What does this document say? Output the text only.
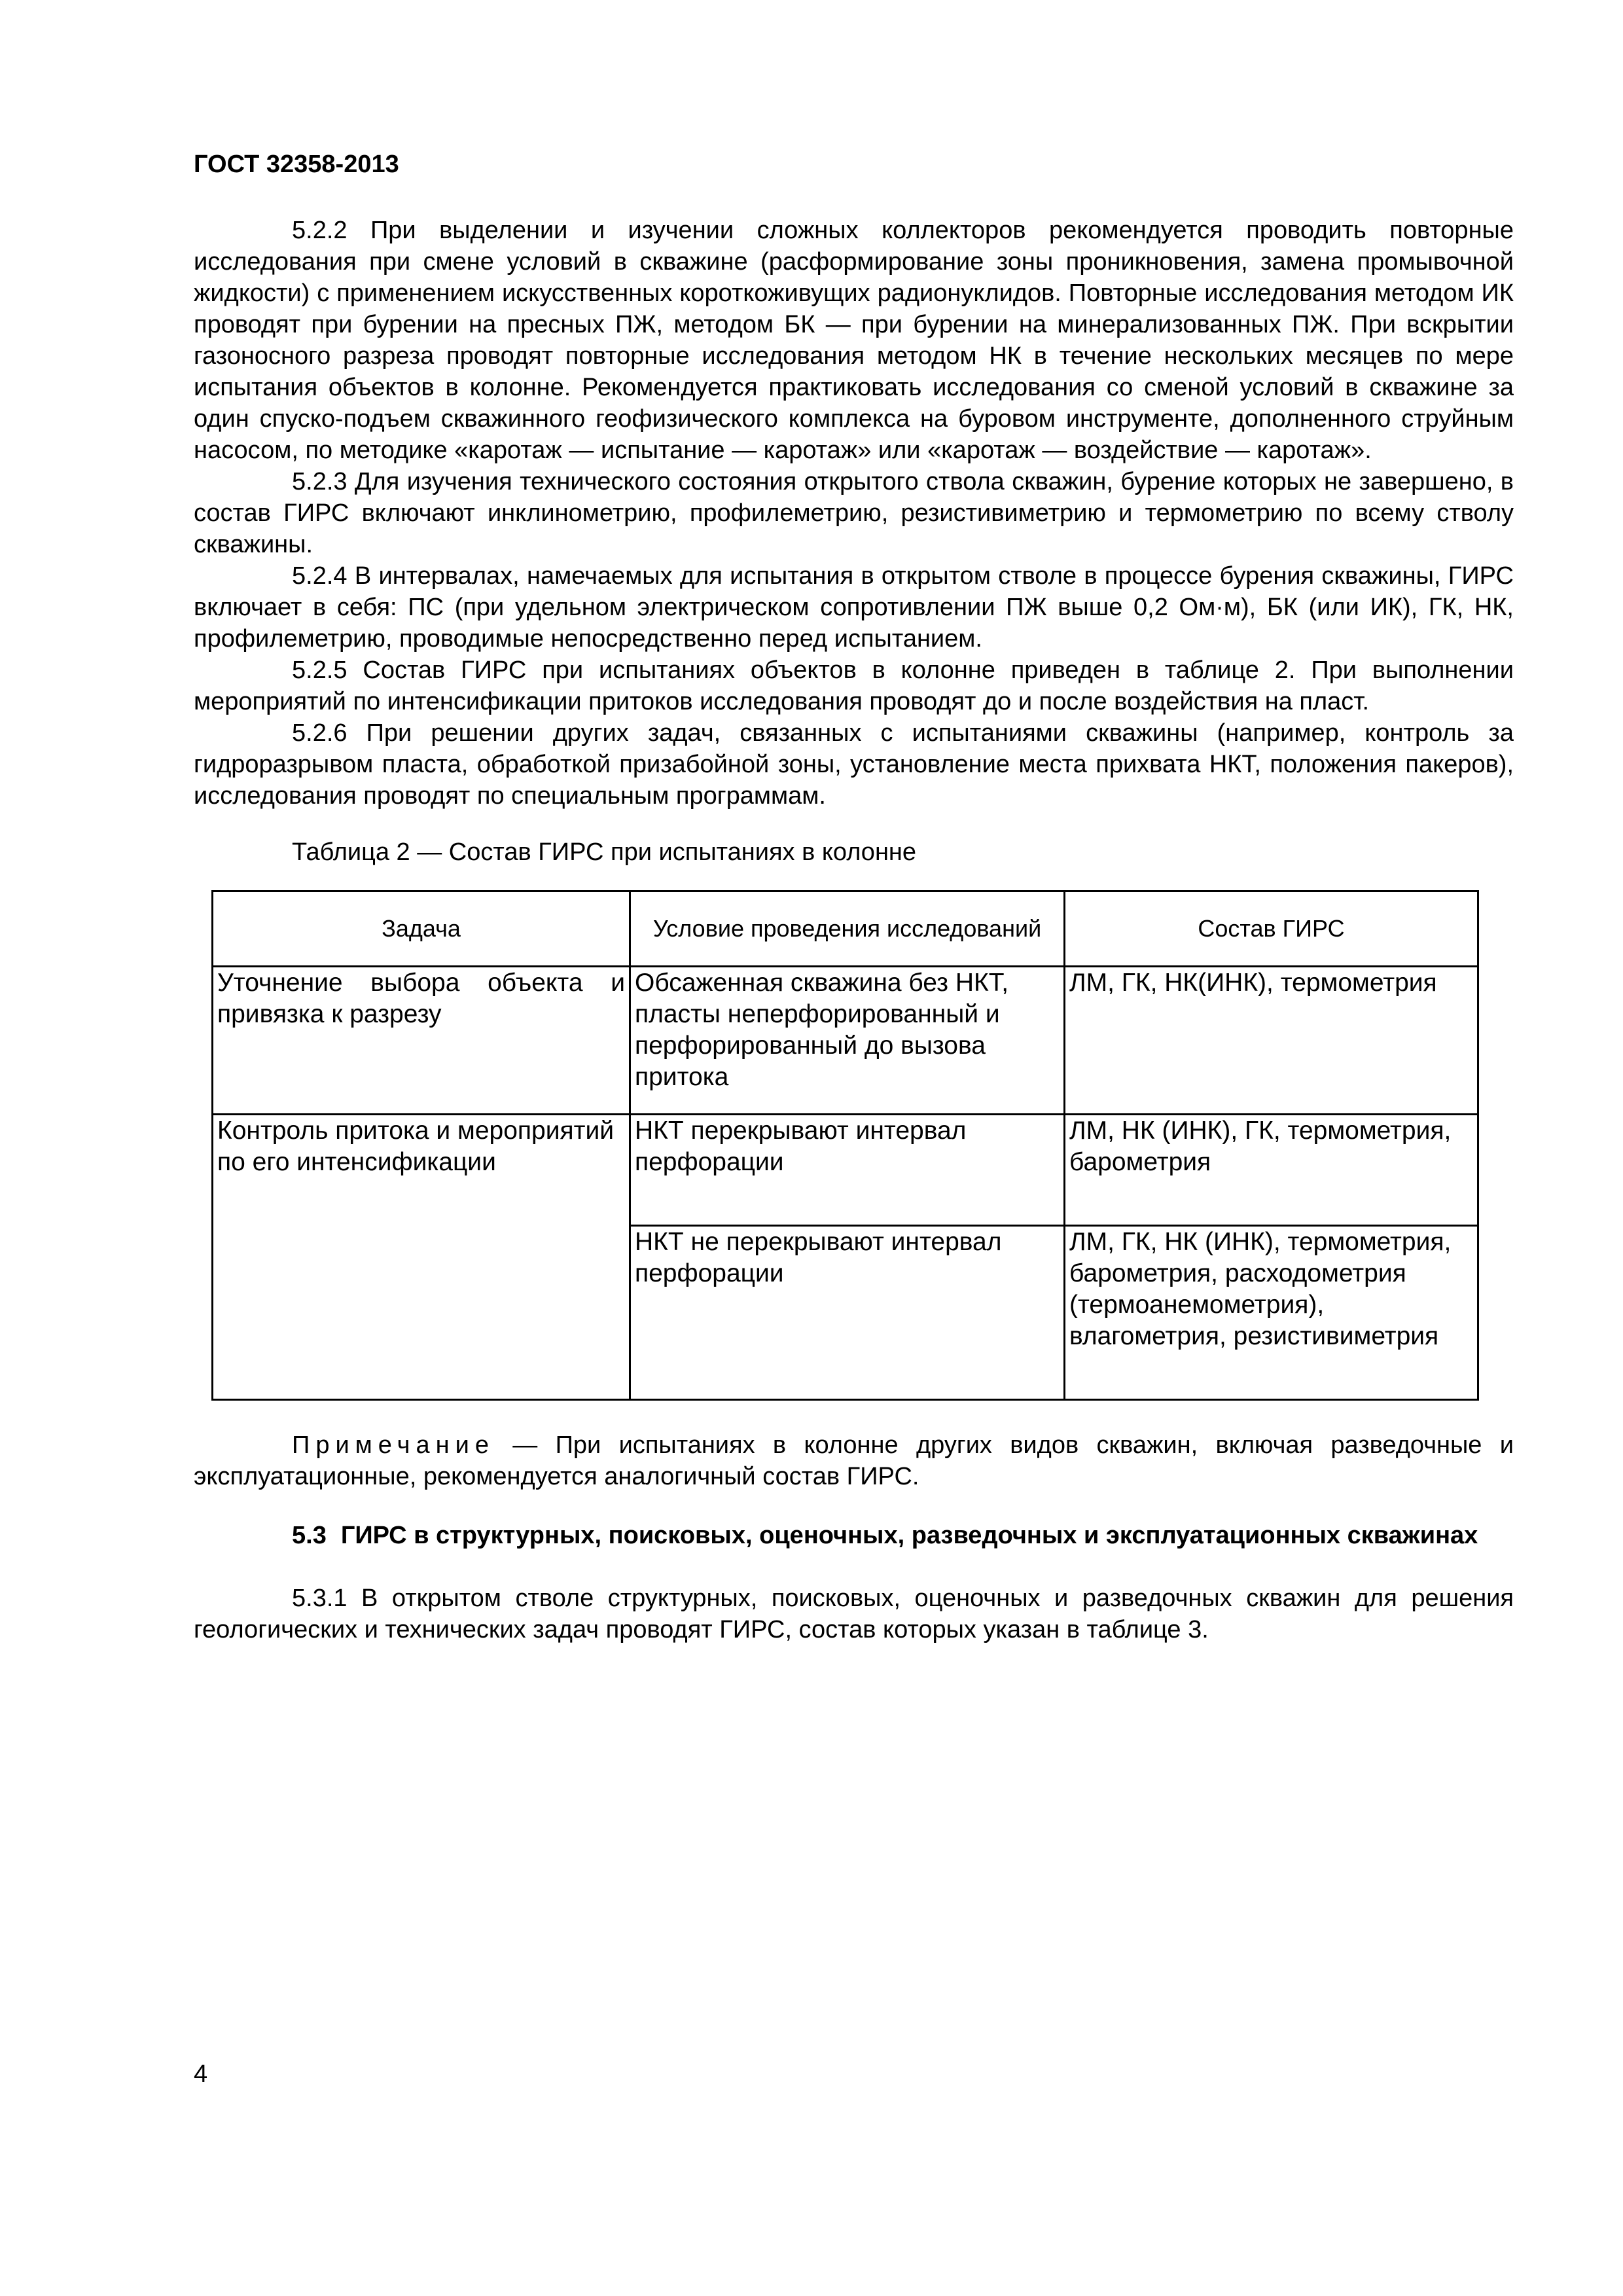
ГОСТ 32358-2013

5.2.2 При выделении и изучении сложных коллекторов рекомендуется проводить повторные исследования при смене условий в скважине (расформирование зоны проникновения, замена промывочной жидкости) с применением искусственных короткоживущих радионуклидов. Повторные исследования методом ИК проводят при бурении на пресных ПЖ, методом БК — при бурении на минерализованных ПЖ. При вскрытии газоносного разреза проводят повторные исследования методом НК в течение нескольких месяцев по мере испытания объектов в колонне. Рекомендуется практиковать исследования со сменой условий в скважине за один спуско-подъем скважинного геофизического комплекса на буровом инструменте, дополненного струйным насосом, по методике «каротаж — испытание — каротаж» или «каротаж — воздействие — каротаж».

5.2.3 Для изучения технического состояния открытого ствола скважин, бурение которых не завершено, в состав ГИРС включают инклинометрию, профилеметрию, резистивиметрию и термометрию по всему стволу скважины.

5.2.4 В интервалах, намечаемых для испытания в открытом стволе в процессе бурения скважины, ГИРС включает в себя: ПС (при удельном электрическом сопротивлении ПЖ выше 0,2 Ом·м), БК (или ИК), ГК, НК, профилеметрию, проводимые непосредственно перед испытанием.

5.2.5 Состав ГИРС при испытаниях объектов в колонне приведен в таблице 2. При выполнении мероприятий по интенсификации притоков исследования проводят до и после воздействия на пласт.

5.2.6 При решении других задач, связанных с испытаниями скважины (например, контроль за гидроразрывом пласта, обработкой призабойной зоны, установление места прихвата НКТ, положения пакеров), исследования проводят по специальным программам.

Таблица 2 — Состав ГИРС при испытаниях в колонне
Задача	Условие проведения исследований	Состав ГИРС
Уточнение выбора объекта и привязка к разрезу	Обсаженная скважина без НКТ, пласты неперфорированный и перфорированный до вызова притока	ЛМ, ГК, НК(ИНК), термометрия
Контроль притока и мероприятий по его интенсификации	НКТ перекрывают интервал перфорации	ЛМ, НК (ИНК), ГК, термометрия, барометрия
	НКТ не перекрывают интервал перфорации	ЛМ, ГК, НК (ИНК), термометрия, барометрия, расходометрия (термоанемометрия), влагометрия, резистивиметрия

Примечание — При испытаниях в колонне других видов скважин, включая разведочные и эксплуатационные, рекомендуется аналогичный состав ГИРС.

5.3 ГИРС в структурных, поисковых, оценочных, разведочных и эксплуатационных скважинах

5.3.1 В открытом стволе структурных, поисковых, оценочных и разведочных скважин для решения геологических и технических задач проводят ГИРС, состав которых указан в таблице 3.

4
